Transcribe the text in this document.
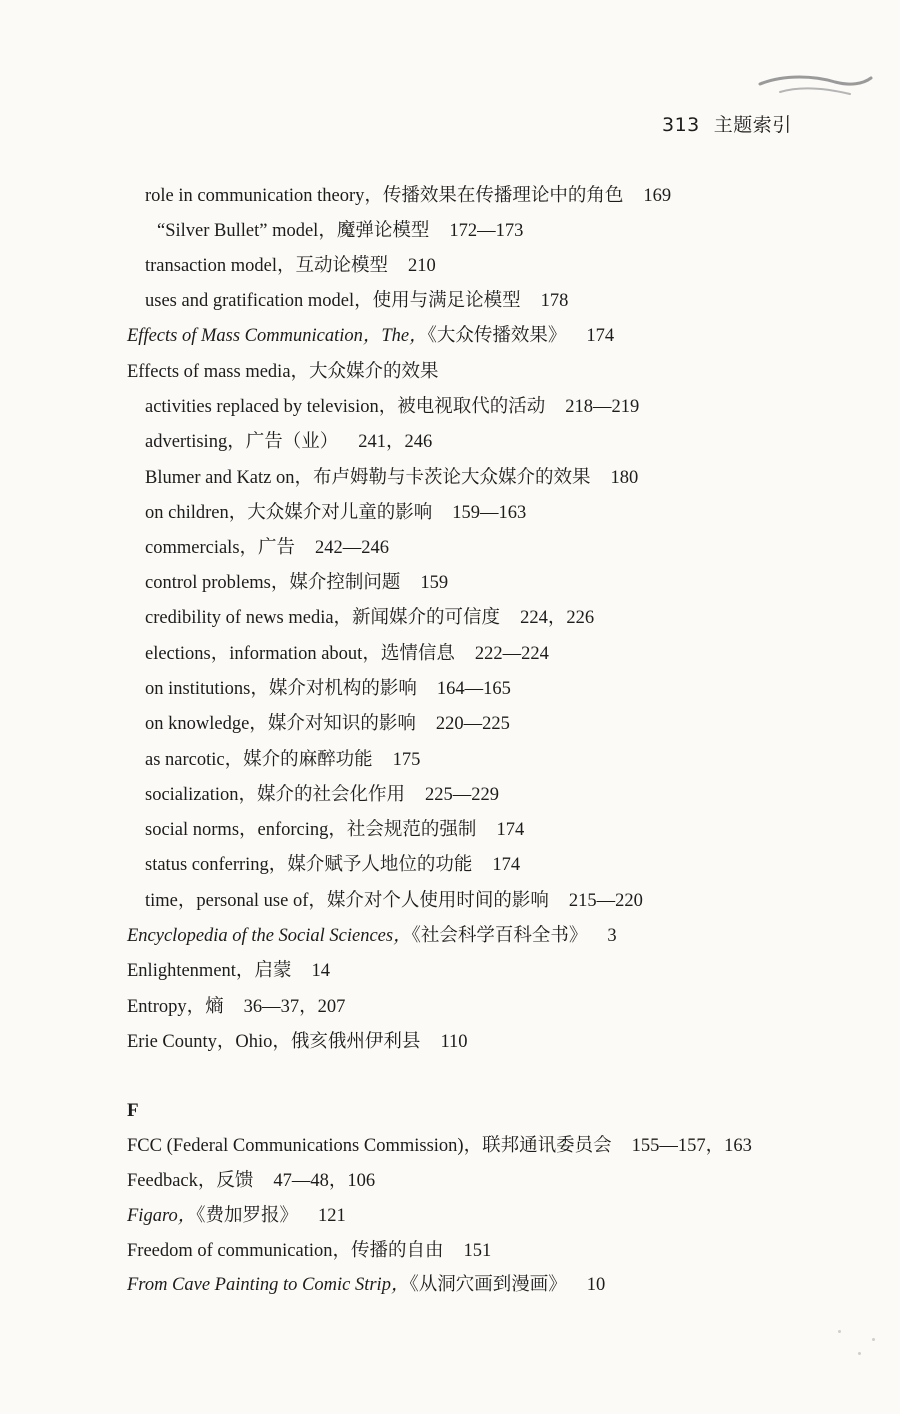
313 主题索引
role in communication theory，传播效果在传播理论中的角色 169
“Silver Bullet” model，魔弹论模型 172—173
transaction model，互动论模型 210
uses and gratification model，使用与满足论模型 178
Effects of Mass Communication，The，《大众传播效果》 174
Effects of mass media，大众媒介的效果
activities replaced by television，被电视取代的活动 218—219
advertising，广告（业） 241，246
Blumer and Katz on，布卢姆勒与卡茨论大众媒介的效果 180
on children，大众媒介对儿童的影响 159—163
commercials，广告 242—246
control problems，媒介控制问题 159
credibility of news media，新闻媒介的可信度 224，226
elections，information about，选情信息 222—224
on institutions，媒介对机构的影响 164—165
on knowledge，媒介对知识的影响 220—225
as narcotic，媒介的麻醉功能 175
socialization，媒介的社会化作用 225—229
social norms，enforcing，社会规范的强制 174
status conferring，媒介赋予人地位的功能 174
time，personal use of，媒介对个人使用时间的影响 215—220
Encyclopedia of the Social Sciences，《社会科学百科全书》 3
Enlightenment，启蒙 14
Entropy，熵 36—37，207
Erie County，Ohio，俄亥俄州伊利县 110
F
FCC (Federal Communications Commission)，联邦通讯委员会 155—157，163
Feedback，反馈 47—48，106
Figaro，《费加罗报》 121
Freedom of communication，传播的自由 151
From Cave Painting to Comic Strip，《从洞穴画到漫画》 10
